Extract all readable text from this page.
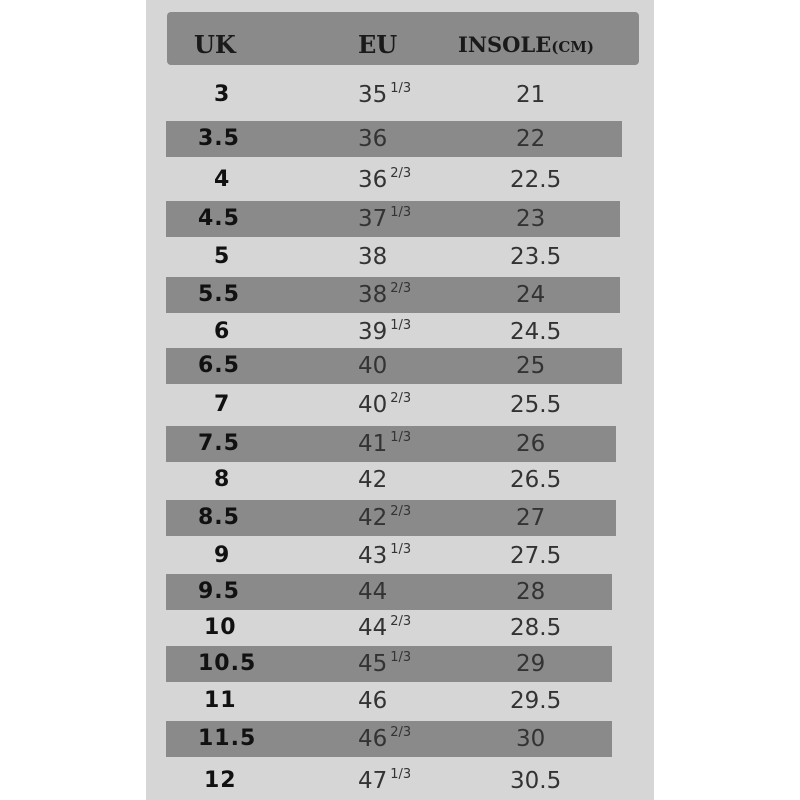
UK	EU	INSOLE(CM)
3	35 $^{1/3}$	21
3.5	36	22
4	36 $^{2/3}$	22.5
4.5	37 $^{1/3}$	23
5	38	23.5
5.5	38 $^{2/3}$	24
6	39 $^{1/3}$	24.5
6.5	40	25
7	40 $^{2/3}$	25.5
7.5	41 $^{1/3}$	26
8	42	26.5
8.5	42 $^{2/3}$	27
9	43 $^{1/3}$	27.5
9.5	44	28
10	44 $^{2/3}$	28.5
10.5	45 $^{1/3}$	29
11	46	29.5
11.5	46 $^{2/3}$	30
12	47 $^{1/3}$	30.5
